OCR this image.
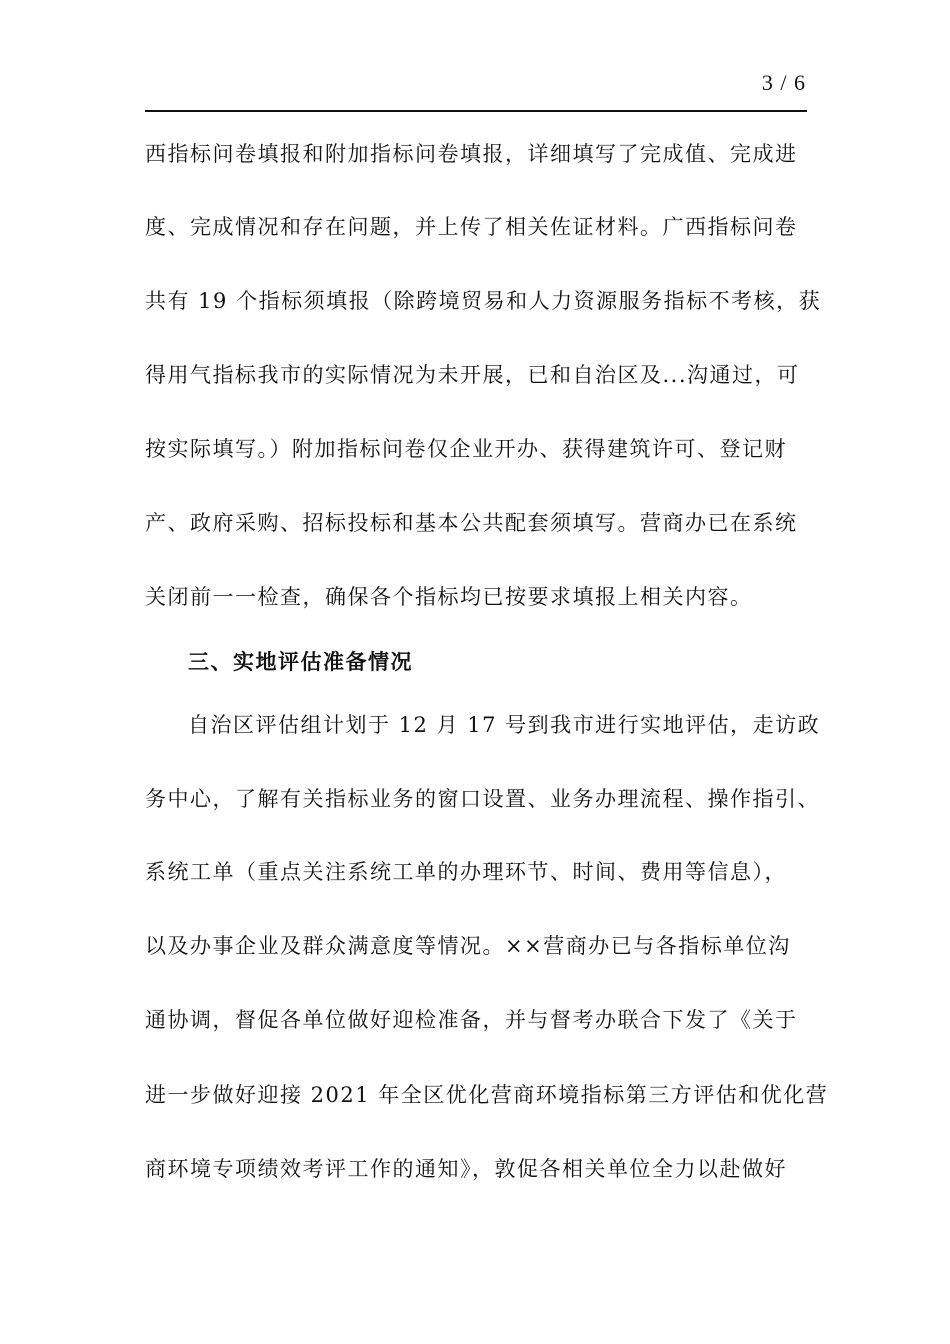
3 / 6
西指标问卷填报和附加指标问卷填报，详细填写了完成值、完成进
度、完成情况和存在问题，并上传了相关佐证材料。广西指标问卷
共有 19 个指标须填报（除跨境贸易和人力资源服务指标不考核，获
得用气指标我市的实际情况为未开展，已和自治区及...沟通过，可
按实际填写。）附加指标问卷仅企业开办、获得建筑许可、登记财
产、政府采购、招标投标和基本公共配套须填写。营商办已在系统
关闭前一一检查，确保各个指标均已按要求填报上相关内容。
三、实地评估准备情况
自治区评估组计划于 12 月 17 号到我市进行实地评估，走访政
务中心，了解有关指标业务的窗口设置、业务办理流程、操作指引、
系统工单（重点关注系统工单的办理环节、时间、费用等信息），
以及办事企业及群众满意度等情况。××营商办已与各指标单位沟
通协调，督促各单位做好迎检准备，并与督考办联合下发了《关于
进一步做好迎接 2021 年全区优化营商环境指标第三方评估和优化营
商环境专项绩效考评工作的通知》，敦促各相关单位全力以赴做好
